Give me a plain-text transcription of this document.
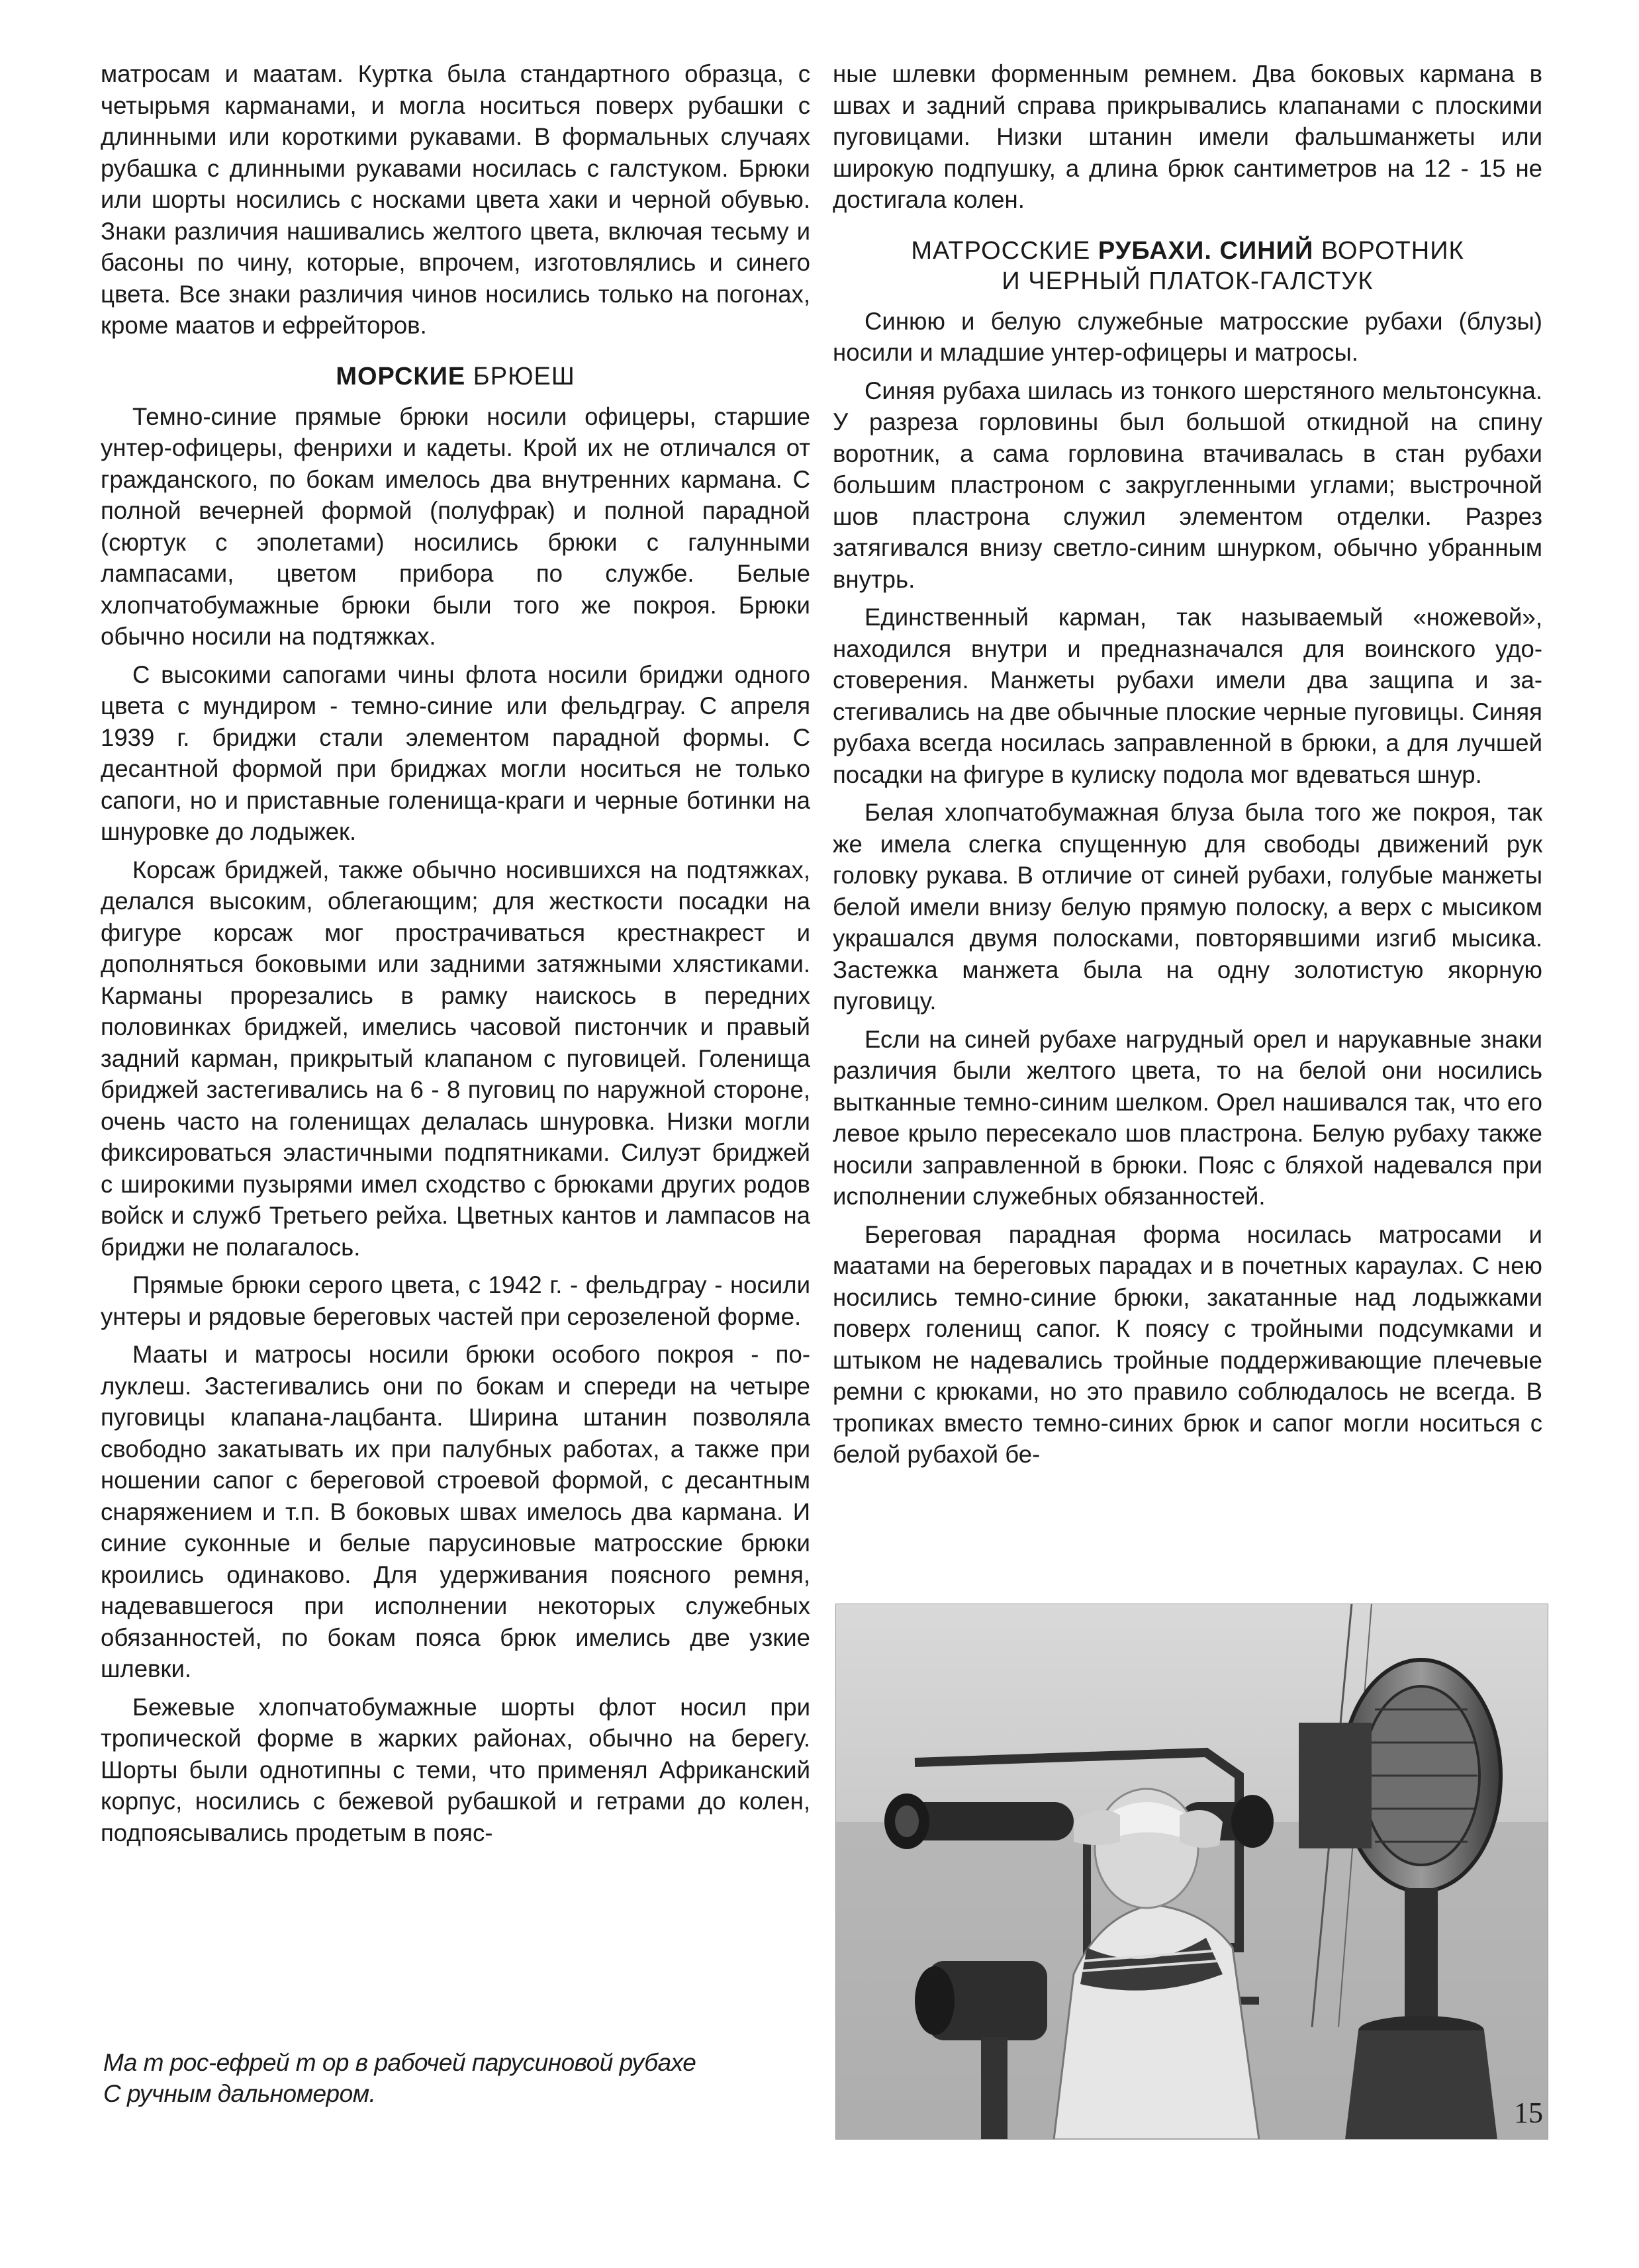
матросам и маатам. Куртка была стандартного образца, с четырьмя карманами, и могла носиться поверх рубашки с длинными или короткими рукавами. В формальных случаях рубашка с длинными рукавами носилась с галстуком. Брюки или шорты носились с носками цвета хаки и черной обувью. Знаки различия нашивались желтого цвета, включая тесьму и басоны по чину, которые, впрочем, изготовлялись и синего цвета. Все знаки различия чинов носились только на погонах, кроме маатов и ефрейторов.

МОРСКИЕ БРЮЕШ

Темно-синие прямые брюки носили офицеры, старшие унтер-офицеры, фенрихи и кадеты. Крой их не отличался от гражданского, по бокам имелось два внутренних кармана. С полной вечерней формой (полуфрак) и полной парадной (сюртук с эполетами) носились брюки с галунными лампасами, цветом прибора по службе. Белые хлопчатобумажные брюки были того же покроя. Брюки обычно носили на подтяжках.

С высокими сапогами чины флота носили бриджи одного цвета с мундиром - темно-синие или фельдграу. С апреля 1939 г. бриджи стали элементом парадной формы. С десантной формой при бриджах могли носиться не только сапоги, но и приставные голенища-краги и черные ботинки на шнуровке до лодыжек.

Корсаж бриджей, также обычно носившихся на подтяжках, делался высоким, облегающим; для жесткости посадки на фигуре корсаж мог прострачиваться крестнакрест и дополняться боковыми или задними затяжными хлястиками. Карманы прорезались в рамку наискось в передних половинках бриджей, имелись часовой пистончик и правый задний карман, прикрытый клапаном с пуговицей. Голенища бриджей застегивались на 6 - 8 пуговиц по наружной стороне, очень часто на голенищах делалась шнуровка. Низки могли фиксироваться эластичными подпятниками. Силуэт бриджей с широкими пузырями имел сходство с брюками других родов войск и служб Третьего рейха. Цветных кантов и лампасов на бриджи не полагалось.

Прямые брюки серого цвета, с 1942 г. - фельдграу - носили унтеры и рядовые береговых частей при серозеленой форме.

Мааты и матросы носили брюки особого покроя - полуклеш. Застегивались они по бокам и спереди на четыре пуговицы клапана-лацбанта. Ширина штанин позволяла свободно закатывать их при палубных работах, а также при ношении сапог с береговой строевой формой, с десантным снаряжением и т.п. В боковых швах имелось два кармана. И синие суконные и белые парусиновые матросские брюки кроились одинаково. Для удерживания поясного ремня, надевавшегося при исполнении некоторых служебных обязанностей, по бокам пояса брюк имелись две узкие шлевки.

Бежевые хлопчатобумажные шорты флот носил при тропической форме в жарких районах, обычно на берегу. Шорты были однотипны с теми, что применял Африканский корпус, носились с бежевой рубашкой и гетрами до колен, подпоясывались продетым в пояс-

ные шлевки форменным ремнем. Два боковых кармана в швах и задний справа прикрывались клапанами с плоскими пуговицами. Низки штанин имели фальшманжеты или широкую подпушку, а длина брюк сантиметров на 12 - 15 не достигала колен.

МАТРОССКИЕ РУБАХИ. СИНИЙ ВОРОТНИК
И ЧЕРНЫЙ ПЛАТОК-ГАЛСТУК

Синюю и белую служебные матросские рубахи (блузы) носили и младшие унтер-офицеры и матросы.

Синяя рубаха шилась из тонкого шерстяного мельтонсукна. У разреза горловины был большой откидной на спину воротник, а сама горловина втачивалась в стан рубахи большим пластроном с закругленными углами; выстрочной шов пластрона служил элементом отделки. Разрез затягивался внизу светло-синим шнурком, обычно убранным внутрь.

Единственный карман, так называемый «ножевой», находился внутри и предназначался для воинского удостоверения. Манжеты рубахи имели два защипа и застегивались на две обычные плоские черные пуговицы. Синяя рубаха всегда носилась заправленной в брюки, а для лучшей посадки на фигуре в кулиску подола мог вдеваться шнур.

Белая хлопчатобумажная блуза была того же покроя, так же имела слегка спущенную для свободы движений рук головку рукава. В отличие от синей рубахи, голубые манжеты белой имели внизу белую прямую полоску, а верх с мысиком украшался двумя полосками, повторявшими изгиб мысика. Застежка манжета была на одну золотистую якорную пуговицу.

Если на синей рубахе нагрудный орел и нарукавные знаки различия были желтого цвета, то на белой они носились вытканные темно-синим шелком. Орел нашивался так, что его левое крыло пересекало шов пластрона. Белую рубаху также носили заправленной в брюки. Пояс с бляхой надевался при исполнении служебных обязанностей.

Береговая парадная форма носилась матросами и маатами на береговых парадах и в почетных караулах. С нею носились темно-синие брюки, закатанные над лодыжками поверх голенищ сапог. К поясу с тройными подсумками и штыком не надевались тройные поддерживающие плечевые ремни с крюками, но это правило соблюдалось не всегда. В тропиках вместо темно-синих брюк и сапог могли носиться с белой рубахой бе-

Ма т рос-ефрей т ор в рабочей парусиновой рубахе
С ручным дальномером.
15
